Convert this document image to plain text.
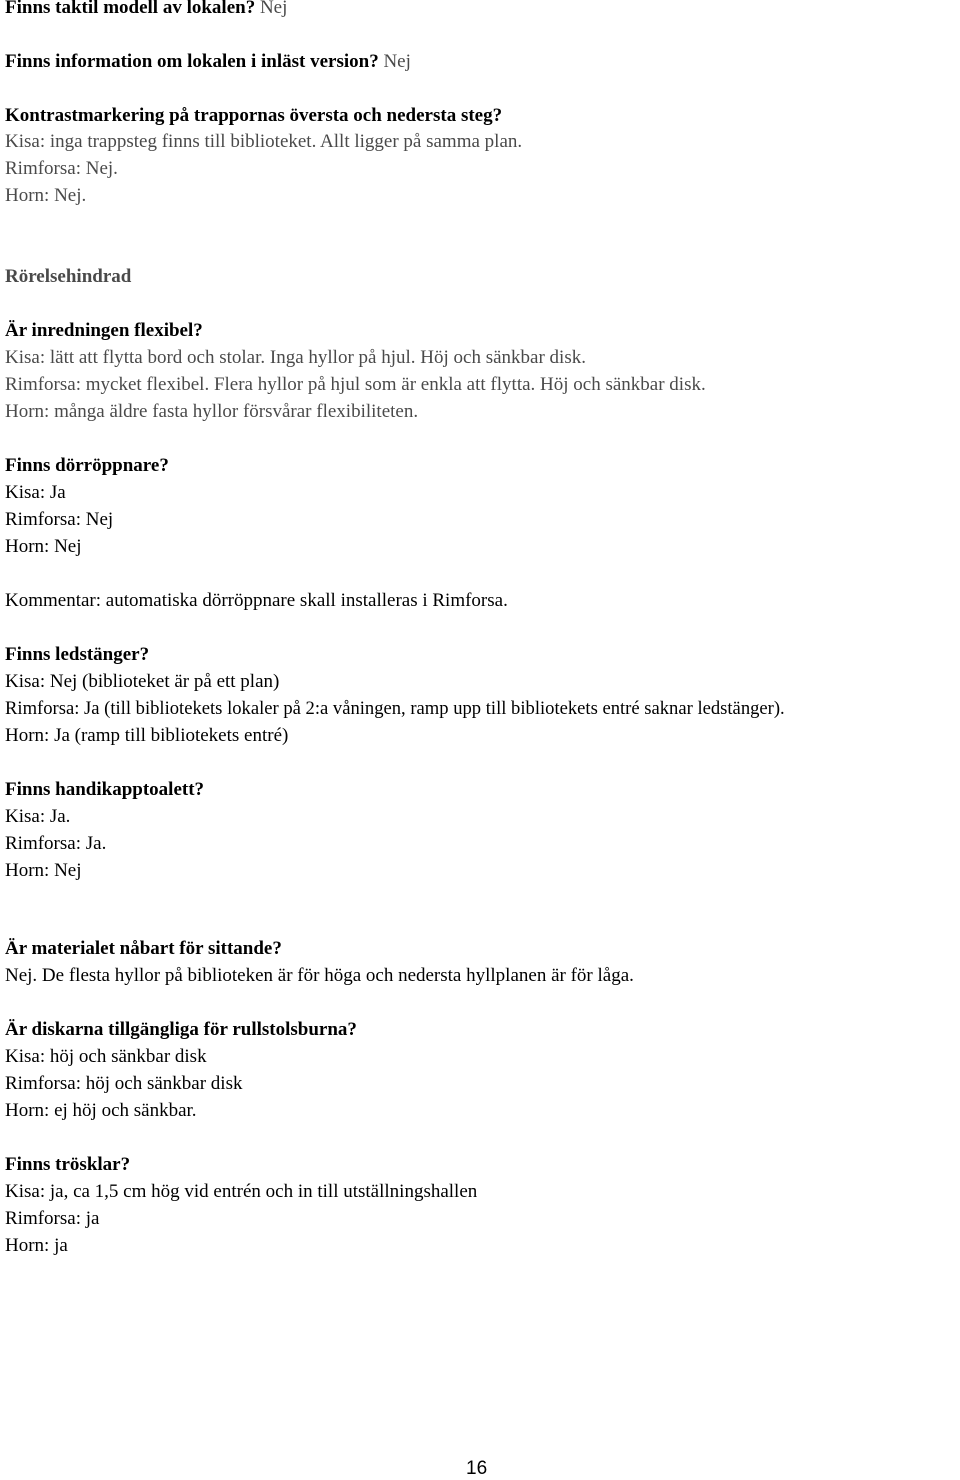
Finns taktil modell av lokalen? Nej
Finns information om lokalen i inläst version? Nej
Kontrastmarkering på trappornas översta och nedersta steg?
Kisa: inga trappsteg finns till biblioteket. Allt ligger på samma plan.
Rimforsa: Nej.
Horn: Nej.
Rörelsehindrad
Är inredningen flexibel?
Kisa: lätt att flytta bord och stolar. Inga hyllor på hjul. Höj och sänkbar disk.
Rimforsa: mycket flexibel. Flera hyllor på hjul som är enkla att flytta. Höj och sänkbar disk.
Horn: många äldre fasta hyllor försvårar flexibiliteten.
Finns dörröppnare?
Kisa: Ja
Rimforsa: Nej
Horn: Nej
Kommentar: automatiska dörröppnare skall installeras i Rimforsa.
Finns ledstänger?
Kisa: Nej (biblioteket är på ett plan)
Rimforsa: Ja (till bibliotekets lokaler på 2:a våningen, ramp upp till bibliotekets entré saknar ledstänger).
Horn: Ja (ramp till bibliotekets entré)
Finns handikapptoalett?
Kisa: Ja.
Rimforsa: Ja.
Horn: Nej
Är materialet nåbart för sittande?
Nej. De flesta hyllor på biblioteken är för höga och nedersta hyllplanen är för låga.
Är diskarna tillgängliga för rullstolsburna?
Kisa: höj och sänkbar disk
Rimforsa: höj och sänkbar disk
Horn: ej höj och sänkbar.
Finns trösklar?
Kisa: ja, ca 1,5 cm hög vid entrén och in till utställningshallen
Rimforsa: ja
Horn: ja
16
